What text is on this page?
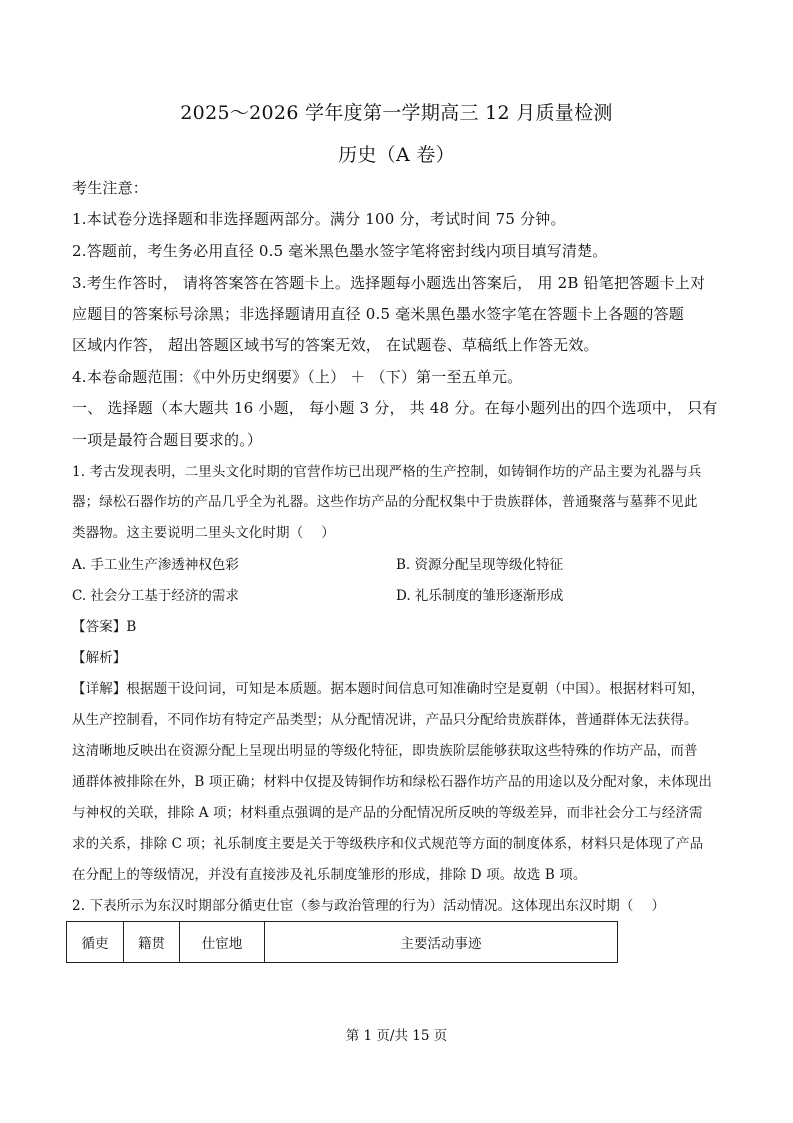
2025～2026 学年度第一学期高三 12 月质量检测
历史（A 卷）
考生注意：
1.本试卷分选择题和非选择题两部分。满分 100 分，考试时间 75 分钟。
2.答题前，考生务必用直径 0.5 毫米黑色墨水签字笔将密封线内项目填写清楚。
3.考生作答时， 请将答案答在答题卡上。选择题每小题选出答案后， 用 2B 铅笔把答题卡上对
应题目的答案标号涂黑；非选择题请用直径 0.5 毫米黑色墨水签字笔在答题卡上各题的答题
区域内作答， 超出答题区域书写的答案无效， 在试题卷、草稿纸上作答无效。
4.本卷命题范围：《中外历史纲要》（上） ＋ （下）第一至五单元。
一、 选择题（本大题共 16 小题， 每小题 3 分， 共 48 分。在每小题列出的四个选项中， 只有
一项是最符合题目要求的。）
1. 考古发现表明，二里头文化时期的官营作坊已出现严格的生产控制，如铸铜作坊的产品主要为礼器与兵
器；绿松石器作坊的产品几乎全为礼器。这些作坊产品的分配权集中于贵族群体，普通聚落与墓葬不见此
类器物。这主要说明二里头文化时期（　 ）
A. 手工业生产渗透神权色彩	B. 资源分配呈现等级化特征
C. 社会分工基于经济的需求	D. 礼乐制度的雏形逐渐形成
【答案】B
【解析】
【详解】根据题干设问词，可知是本质题。据本题时间信息可知准确时空是夏朝（中国）。根据材料可知，
从生产控制看，不同作坊有特定产品类型；从分配情况讲，产品只分配给贵族群体，普通群体无法获得。
这清晰地反映出在资源分配上呈现出明显的等级化特征，即贵族阶层能够获取这些特殊的作坊产品，而普
通群体被排除在外，B 项正确；材料中仅提及铸铜作坊和绿松石器作坊产品的用途以及分配对象，未体现出
与神权的关联，排除 A 项；材料重点强调的是产品的分配情况所反映的等级差异，而非社会分工与经济需
求的关系，排除 C 项；礼乐制度主要是关于等级秩序和仪式规范等方面的制度体系，材料只是体现了产品
在分配上的等级情况，并没有直接涉及礼乐制度雏形的形成，排除 D 项。故选 B 项。
2. 下表所示为东汉时期部分循吏仕宦（参与政治管理的行为）活动情况。这体现出东汉时期（　 ）
循吏	籍贯	仕宦地	主要活动事迹
第 1 页/共 15 页
